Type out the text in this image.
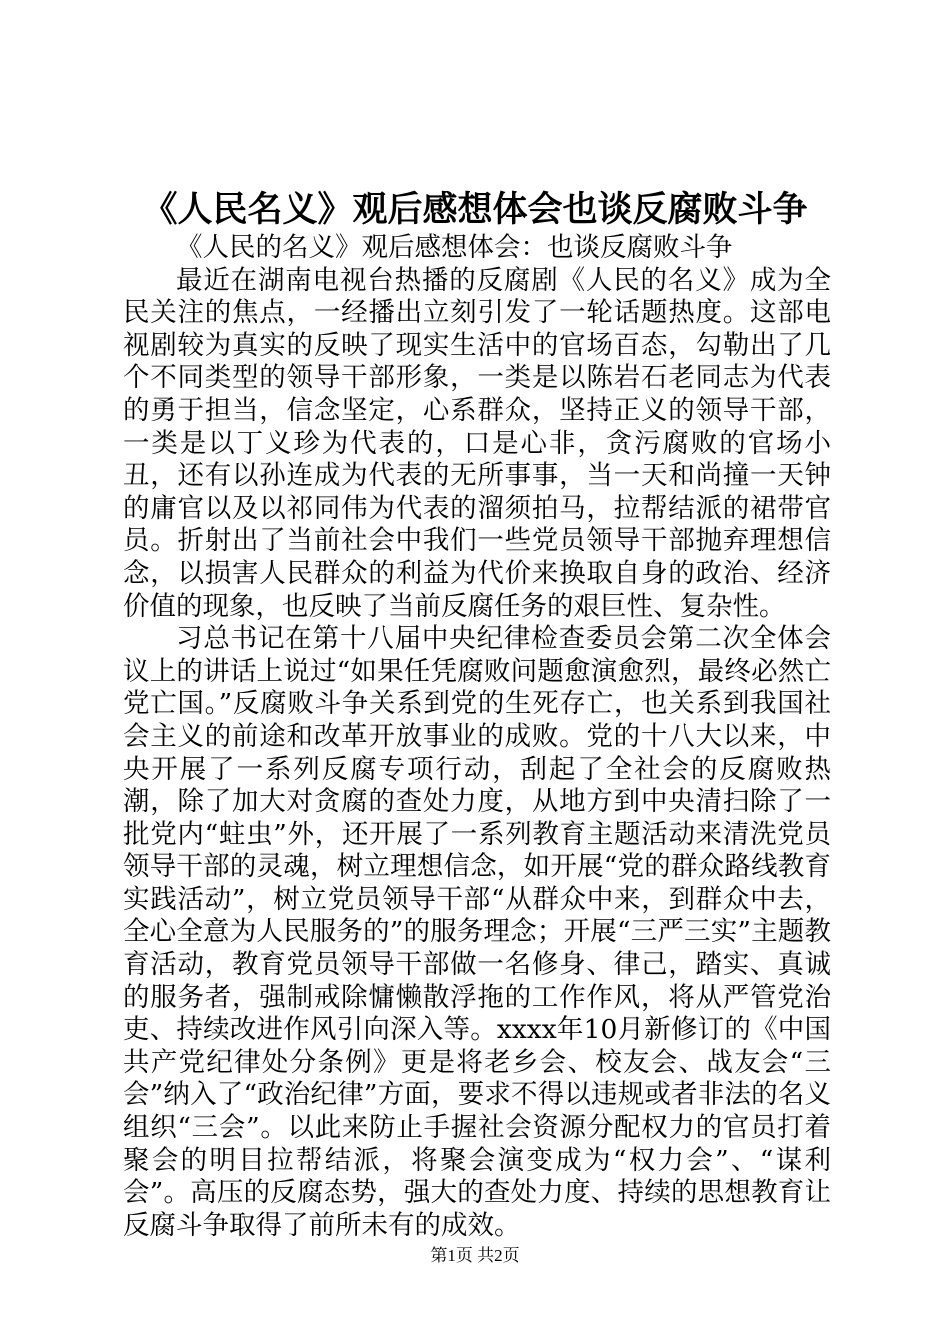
《人民名义》观后感想体会也谈反腐败斗争

《人民的名义》观后感想体会：也谈反腐败斗争

最近在湖南电视台热播的反腐剧《人民的名义》成为全民关注的焦点，一经播出立刻引发了一轮话题热度。这部电视剧较为真实的反映了现实生活中的官场百态，勾勒出了几个不同类型的领导干部形象，一类是以陈岩石老同志为代表的勇于担当，信念坚定，心系群众，坚持正义的领导干部，一类是以丁义珍为代表的，口是心非，贪污腐败的官场小丑，还有以孙连成为代表的无所事事，当一天和尚撞一天钟的庸官以及以祁同伟为代表的溜须拍马，拉帮结派的裙带官员。折射出了当前社会中我们一些党员领导干部抛弃理想信念，以损害人民群众的利益为代价来换取自身的政治、经济价值的现象，也反映了当前反腐任务的艰巨性、复杂性。

习总书记在第十八届中央纪律检查委员会第二次全体会议上的讲话上说过“如果任凭腐败问题愈演愈烈，最终必然亡党亡国。”反腐败斗争关系到党的生死存亡，也关系到我国社会主义的前途和改革开放事业的成败。党的十八大以来，中央开展了一系列反腐专项行动，刮起了全社会的反腐败热潮，除了加大对贪腐的查处力度，从地方到中央清扫除了一批党内“蛀虫”外，还开展了一系列教育主题活动来清洗党员领导干部的灵魂，树立理想信念，如开展“党的群众路线教育实践活动”，树立党员领导干部“从群众中来，到群众中去，全心全意为人民服务的”的服务理念；开展“三严三实”主题教育活动，教育党员领导干部做一名修身、律己，踏实、真诚的服务者，强制戒除慵懒散浮拖的工作作风，将从严管党治吏、持续改进作风引向深入等。xxxx年10月新修订的《中国共产党纪律处分条例》更是将老乡会、校友会、战友会“三会”纳入了“政治纪律”方面，要求不得以违规或者非法的名义组织“三会”。以此来防止手握社会资源分配权力的官员打着聚会的明目拉帮结派，将聚会演变成为“权力会”、“谋利会”。高压的反腐态势，强大的查处力度、持续的思想教育让反腐斗争取得了前所未有的成效。

第1页 共2页
